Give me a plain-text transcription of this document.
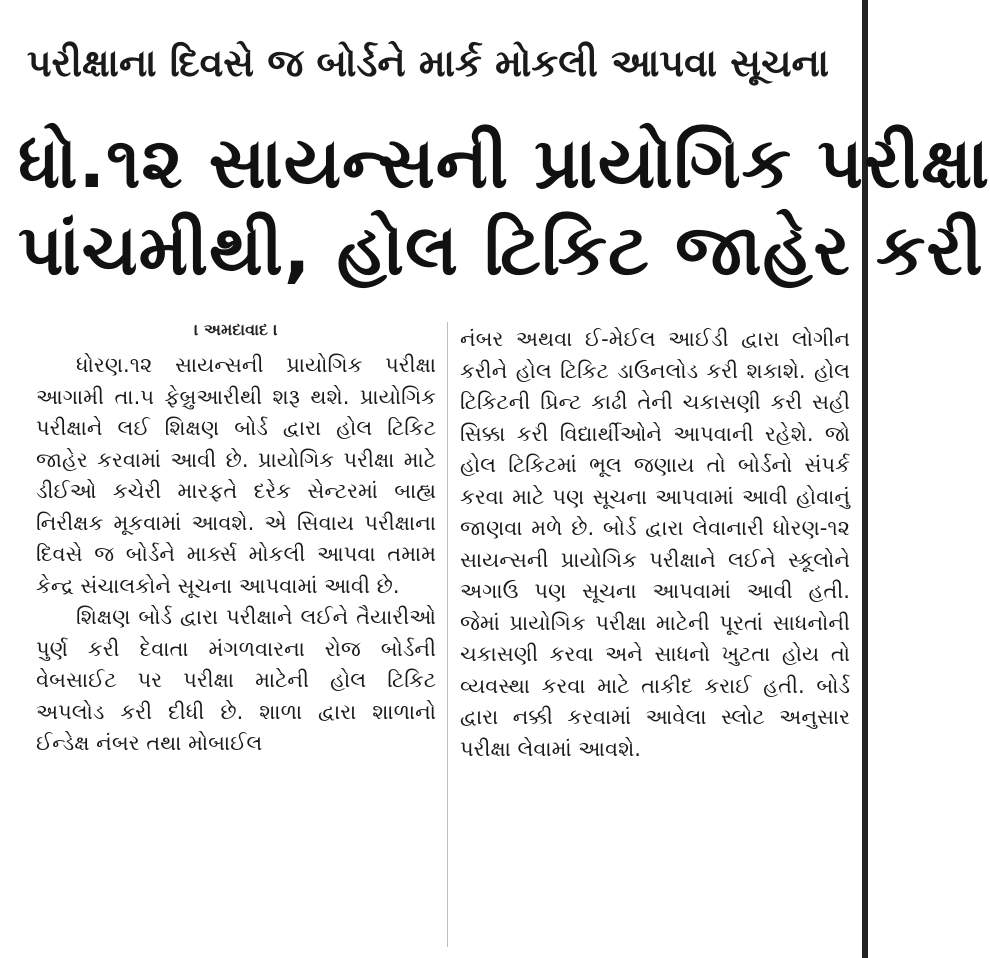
પરીક્ષાના દિવસે જ બોર્ડને માર્ક મોકલી આપવા સૂચના
ધો.૧૨ સાયન્સની પ્રાયોગિક પરીક્ષા
પાંચમીથી, હોલ ટિકિટ જાહેર કરી
। અમદાવાદ ।

ધોરણ.૧૨ સાયન્સની પ્રાયોગિક પરીક્ષા આગામી તા.૫ ફેબ્રુઆરીથી શરૂ થશે. પ્રાયોગિક પરીક્ષાને લઈ શિક્ષણ બોર્ડ દ્વારા હોલ ટિકિટ જાહેર કરવામાં આવી છે. પ્રાયોગિક પરીક્ષા માટે ડીઈઓ કચેરી મારફતે દરેક સેન્ટરમાં બાહ્ય નિરીક્ષક મૂકવામાં આવશે. એ સિવાય પરીક્ષાના દિવસે જ બોર્ડને માર્ક્સ મોકલી આપવા તમામ કેન્દ્ર સંચાલકોને સૂચના આપવામાં આવી છે.

શિક્ષણ બોર્ડ દ્વારા પરીક્ષાને લઈને તૈયારીઓ પુર્ણ કરી દેવાતા મંગળવારના રોજ બોર્ડની વેબસાઈટ પર પરીક્ષા માટેની હોલ ટિકિટ અપલોડ કરી દીધી છે. શાળા દ્વારા શાળાનો ઈન્ડેક્ષ નંબર તથા મોબાઈલ

નંબર અથવા ઈ-મેઈલ આઈડી દ્વારા લોગીન કરીને હોલ ટિકિટ ડાઉનલોડ કરી શકાશે. હોલ ટિકિટની પ્રિન્ટ કાઢી તેની ચકાસણી કરી સહી સિક્કા કરી વિદ્યાર્થીઓને આપવાની રહેશે. જો હોલ ટિકિટમાં ભૂલ જણાય તો બોર્ડનો સંપર્ક કરવા માટે પણ સૂચના આપવામાં આવી હોવાનું જાણવા મળે છે. બોર્ડ દ્વારા લેવાનારી ધોરણ-૧૨ સાયન્સની પ્રાયોગિક પરીક્ષાને લઈને સ્કૂલોને અગાઉ પણ સૂચના આપવામાં આવી હતી. જેમાં પ્રાયોગિક પરીક્ષા માટેની પૂરતાં સાધનોની ચકાસણી કરવા અને સાધનો ખુટતા હોય તો વ્યવસ્થા કરવા માટે તાકીદ કરાઈ હતી. બોર્ડ દ્વારા નક્કી કરવામાં આવેલા સ્લોટ અનુસાર પરીક્ષા લેવામાં આવશે.
